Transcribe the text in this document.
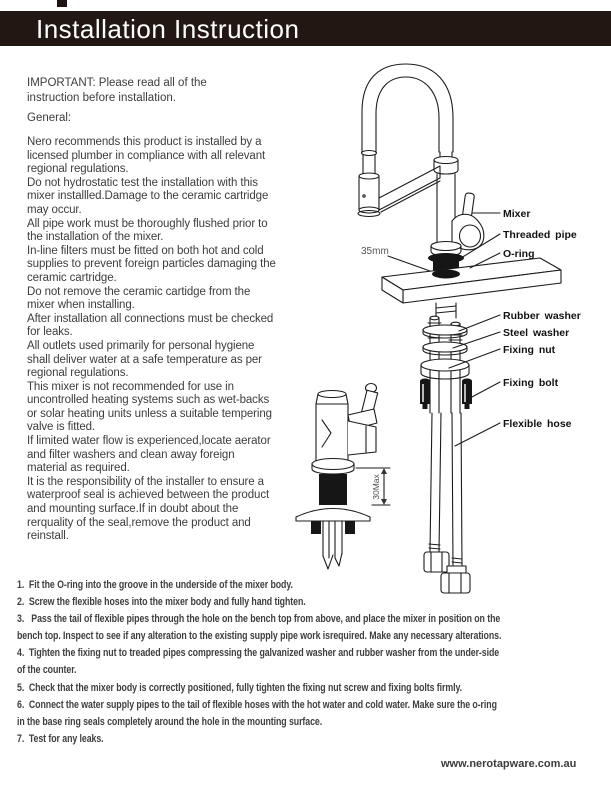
Installation Instruction
IMPORTANT: Please read all of the
instruction before installation.
General:
Nero recommends this product is installed by a
licensed plumber in compliance with all relevant
regional regulations.
Do not hydrostatic test the installation with this
mixer installled.Damage to the ceramic cartridge
may occur.
All pipe work must be thoroughly flushed prior to
the installation of the mixer.
In-line filters must be fitted on both hot and cold
supplies to prevent foreign particles damaging the
ceramic cartridge.
Do not remove the ceramic cartidge from the
mixer when installing.
After installation all connections must be checked
for leaks.
All outlets used primarily for personal hygiene
shall deliver water at a safe temperature as per
regional regulations.
This mixer is not recommended for use in
uncontrolled heating systems such as wet-backs
or solar heating units unless a suitable tempering
valve is fitted.
If limited water flow is experienced,locate aerator
and filter washers and clean away foreign
material as required.
It is the responsibility of the installer to ensure a
waterproof seal is achieved between the product
and mounting surface.If in doubt about the
rerquality of the seal,remove the product and
reinstall.
1.  Fit the O-ring into the groove in the underside of the mixer body.
2.  Screw the flexible hoses into the mixer body and fully hand tighten.
3.   Pass the tail of flexible pipes through the hole on the bench top from above, and place the mixer in position on the
bench top. Inspect to see if any alteration to the existing supply pipe work isrequired. Make any necessary alterations.
4.  Tighten the fixing nut to treaded pipes compressing the galvanized washer and rubber washer from the under-side
of the counter.
5.  Check that the mixer body is correctly positioned, fully tighten the fixing nut screw and fixing bolts firmly.
6.  Connect the water supply pipes to the tail of flexible hoses with the hot water and cold water. Make sure the o-ring
in the base ring seals completely around the hole in the mounting surface.
7.  Test for any leaks.
www.nerotapware.com.au
30Max
35mm
Mixer
Threaded pipe
O-ring
Rubber washer
Steel washer
Fixing nut
Fixing bolt
Flexible hose
